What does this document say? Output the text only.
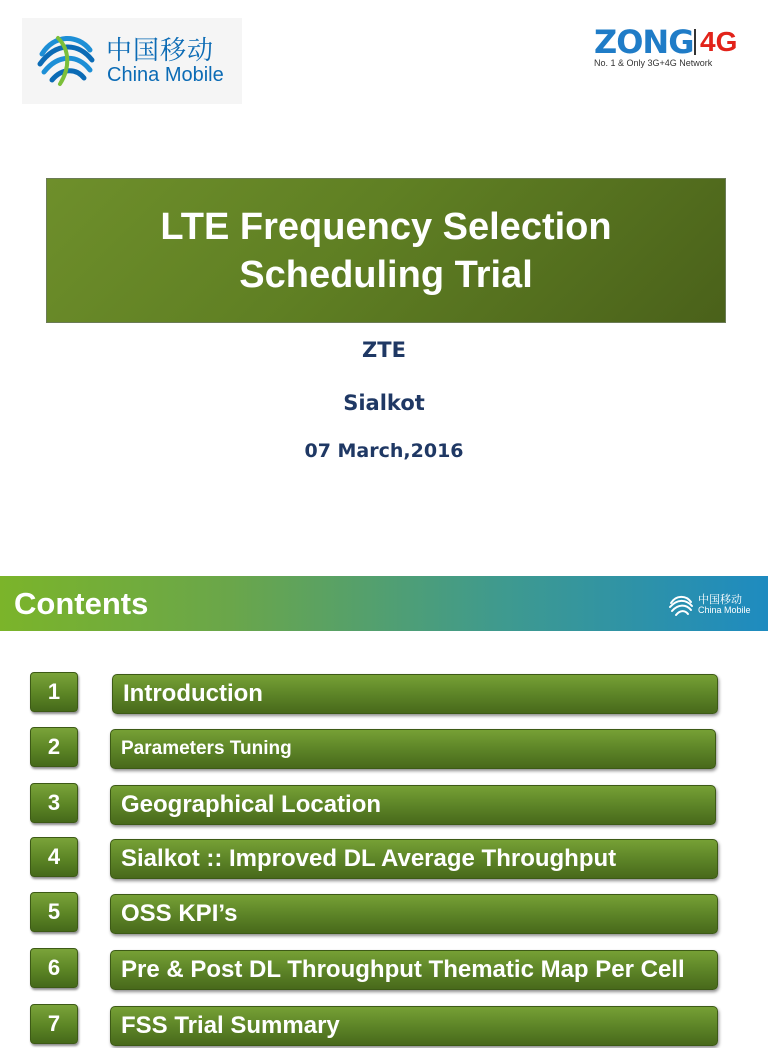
中国移动
China Mobile
ZONG 4G
No. 1 & Only 3G+4G Network
LTE Frequency Selection
Scheduling Trial
ZTE
Sialkot
07 March,2016
Contents	中国移动
China Mobile
1	Introduction
2	Parameters Tuning
3	Geographical Location
4	Sialkot :: Improved DL Average Throughput
5	OSS KPI’s
6	Pre & Post DL Throughput Thematic Map Per Cell
7	FSS Trial Summary
